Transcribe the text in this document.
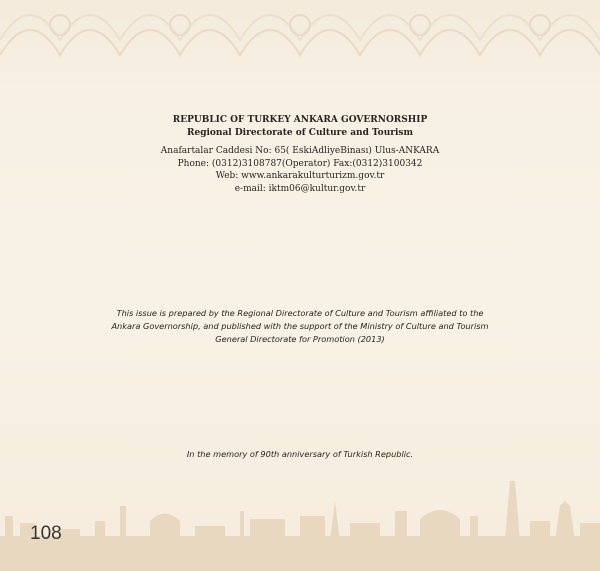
REPUBLIC OF TURKEY ANKARA GOVERNORSHIP
Regional Directorate of Culture and Tourism
Anafartalar Caddesi No: 65( EskiAdliyeBinası) Ulus-ANKARA
Phone: (0312)3108787(Operator) Fax:(0312)3100342
Web: www.ankarakulturturizm.gov.tr
e-mail: iktm06@kultur.gov.tr
This issue is prepared by the Regional Directorate of Culture and Tourism affiliated to the
Ankara Governorship, and published with the support of the Ministry of Culture and Tourism
General Directorate for Promotion (2013)
In the memory of 90th anniversary of Turkish Republic.
108
